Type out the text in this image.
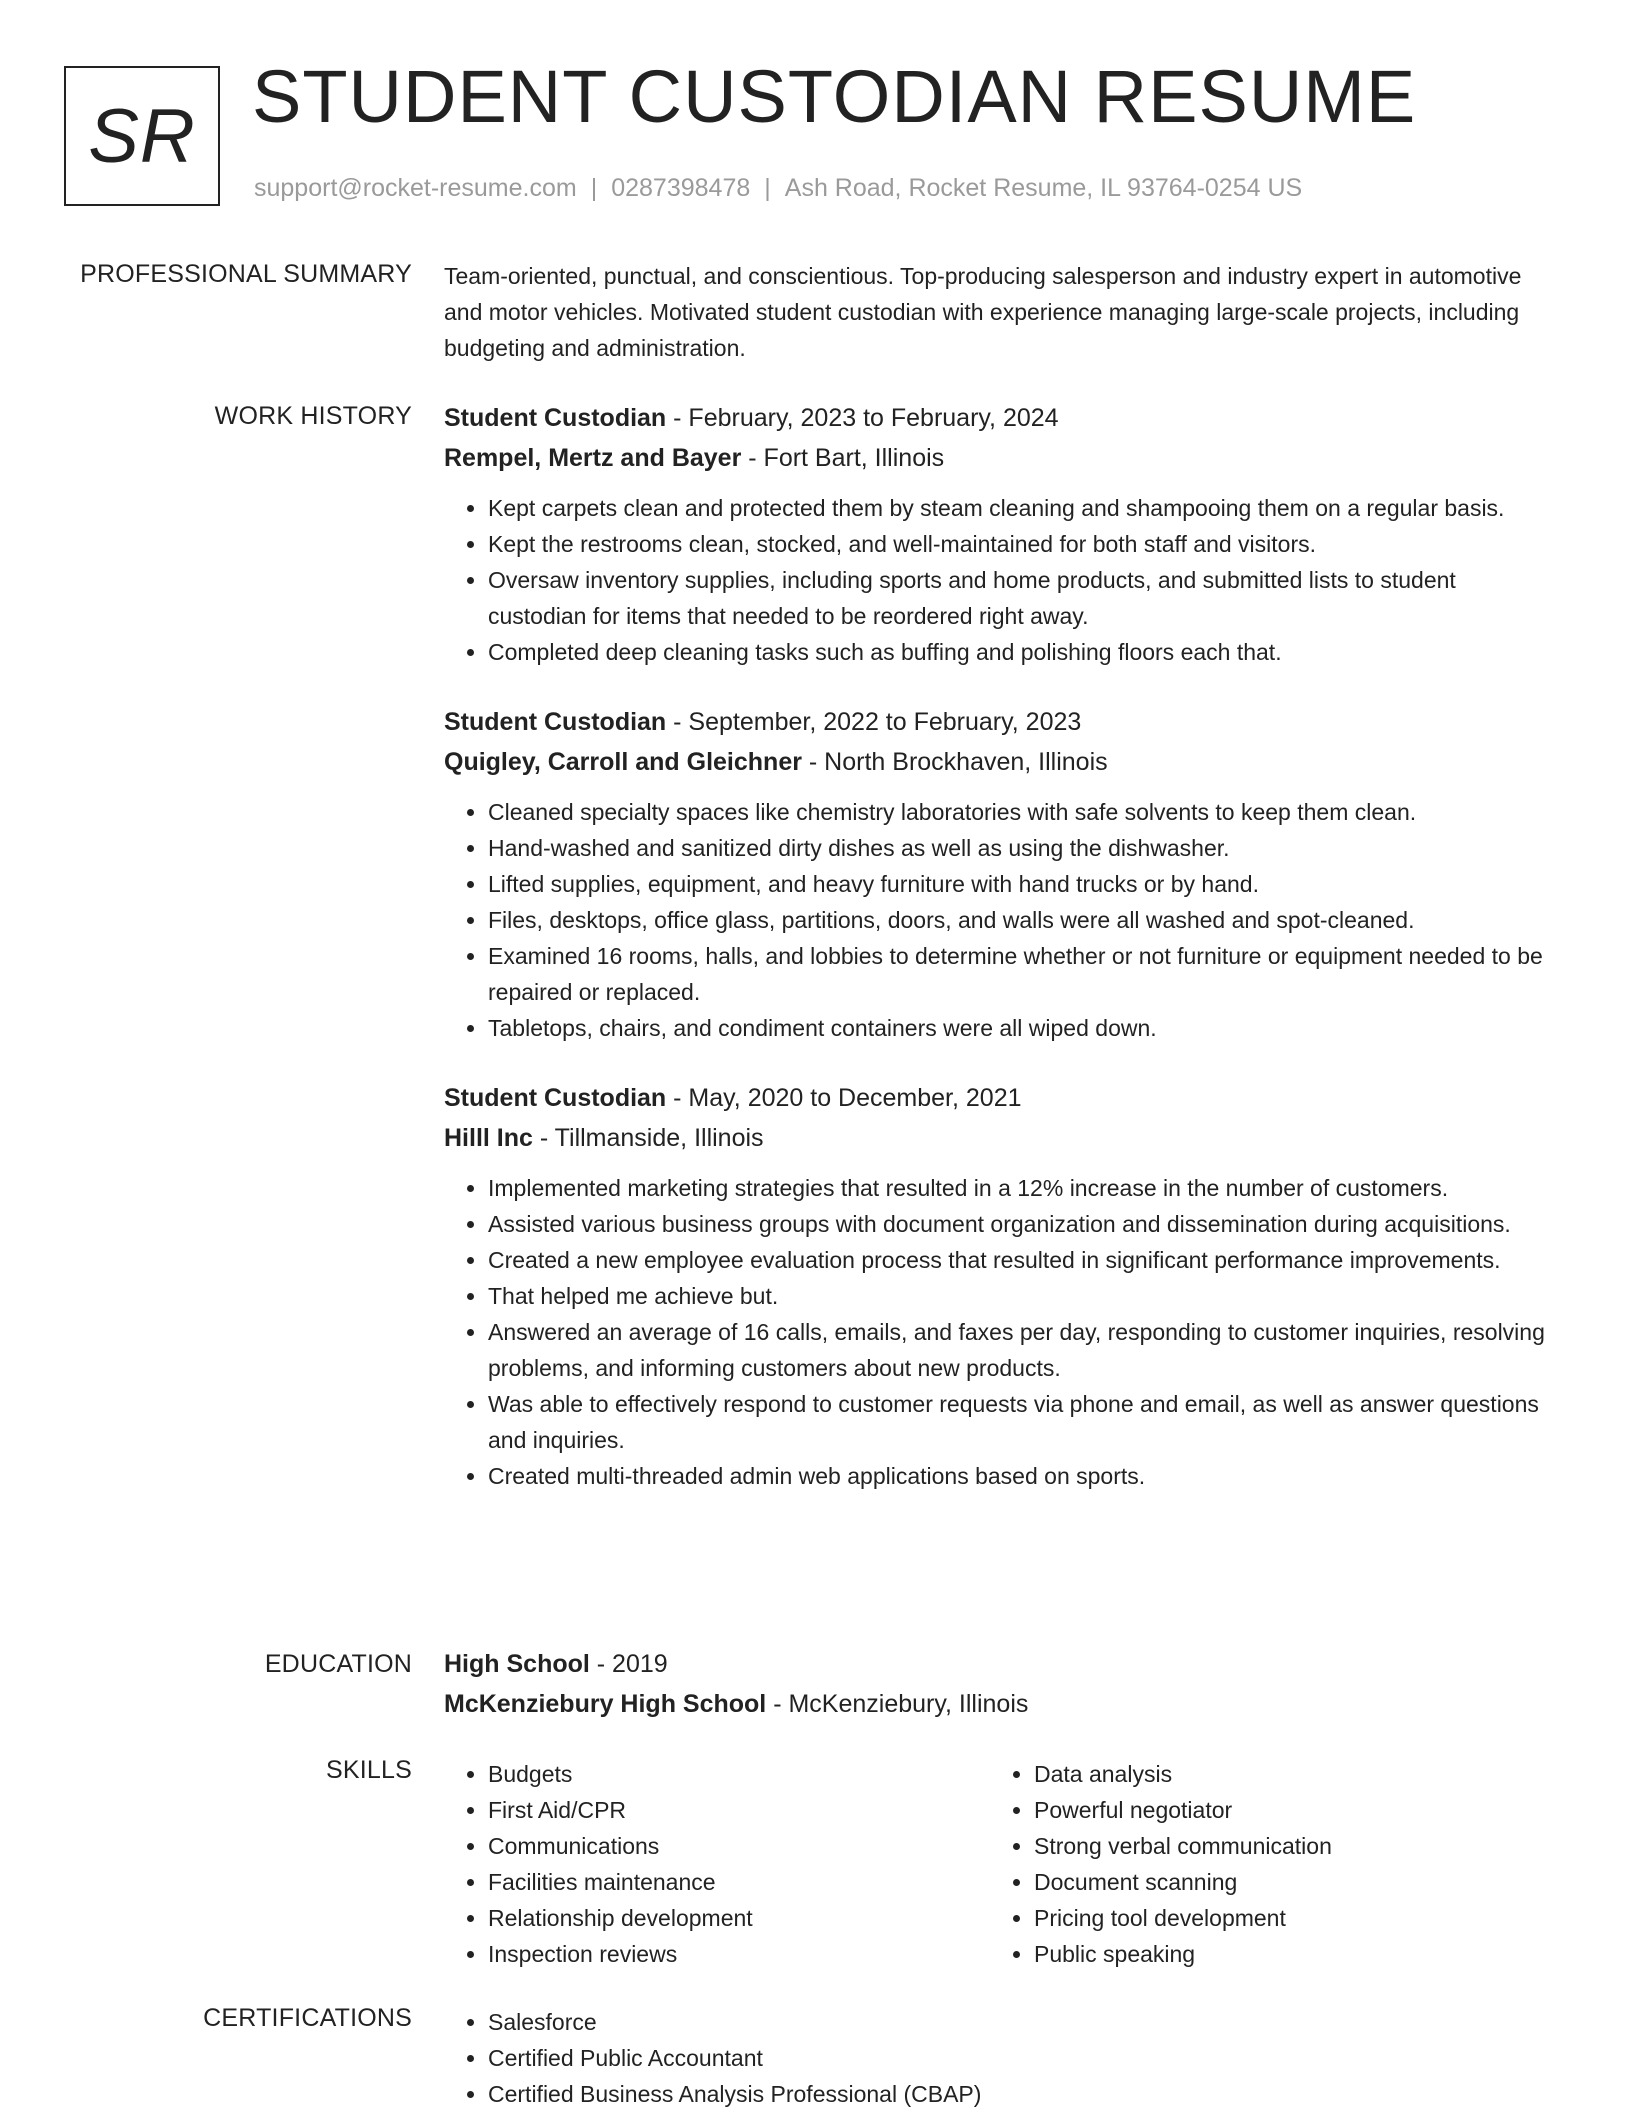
SR STUDENT CUSTODIAN RESUME
support@rocket-resume.com | 0287398478 | Ash Road, Rocket Resume, IL 93764-0254 US
PROFESSIONAL SUMMARY Team-oriented, punctual, and conscientious. Top-producing salesperson and industry expert in automotive and motor vehicles. Motivated student custodian with experience managing large-scale projects, including budgeting and administration.

WORK HISTORY Student Custodian - February, 2023 to February, 2024
Rempel, Mertz and Bayer - Fort Bart, Illinois
• Kept carpets clean and protected them by steam cleaning and shampooing them on a regular basis.
• Kept the restrooms clean, stocked, and well-maintained for both staff and visitors.
• Oversaw inventory supplies, including sports and home products, and submitted lists to student custodian for items that needed to be reordered right away.
• Completed deep cleaning tasks such as buffing and polishing floors each that.
Student Custodian - September, 2022 to February, 2023
Quigley, Carroll and Gleichner - North Brockhaven, Illinois
• Cleaned specialty spaces like chemistry laboratories with safe solvents to keep them clean.
• Hand-washed and sanitized dirty dishes as well as using the dishwasher.
• Lifted supplies, equipment, and heavy furniture with hand trucks or by hand.
• Files, desktops, office glass, partitions, doors, and walls were all washed and spot-cleaned.
• Examined 16 rooms, halls, and lobbies to determine whether or not furniture or equipment needed to be repaired or replaced.
• Tabletops, chairs, and condiment containers were all wiped down.
Student Custodian - May, 2020 to December, 2021
Hilll Inc - Tillmanside, Illinois
• Implemented marketing strategies that resulted in a 12% increase in the number of customers.
• Assisted various business groups with document organization and dissemination during acquisitions.
• Created a new employee evaluation process that resulted in significant performance improvements.
• That helped me achieve but.
• Answered an average of 16 calls, emails, and faxes per day, responding to customer inquiries, resolving problems, and informing customers about new products.
• Was able to effectively respond to customer requests via phone and email, as well as answer questions and inquiries.
• Created multi-threaded admin web applications based on sports.
EDUCATION High School - 2019
McKenziebury High School - McKenziebury, Illinois
SKILLS	• Budgets
• First Aid/CPR
• Communications
• Facilities maintenance
• Relationship development
• Inspection reviews
• Data analysis
• Powerful negotiator
• Strong verbal communication
• Document scanning
• Pricing tool development
• Public speaking
CERTIFICATIONS	• Salesforce
• Certified Public Accountant
• Certified Business Analysis Professional (CBAP)
